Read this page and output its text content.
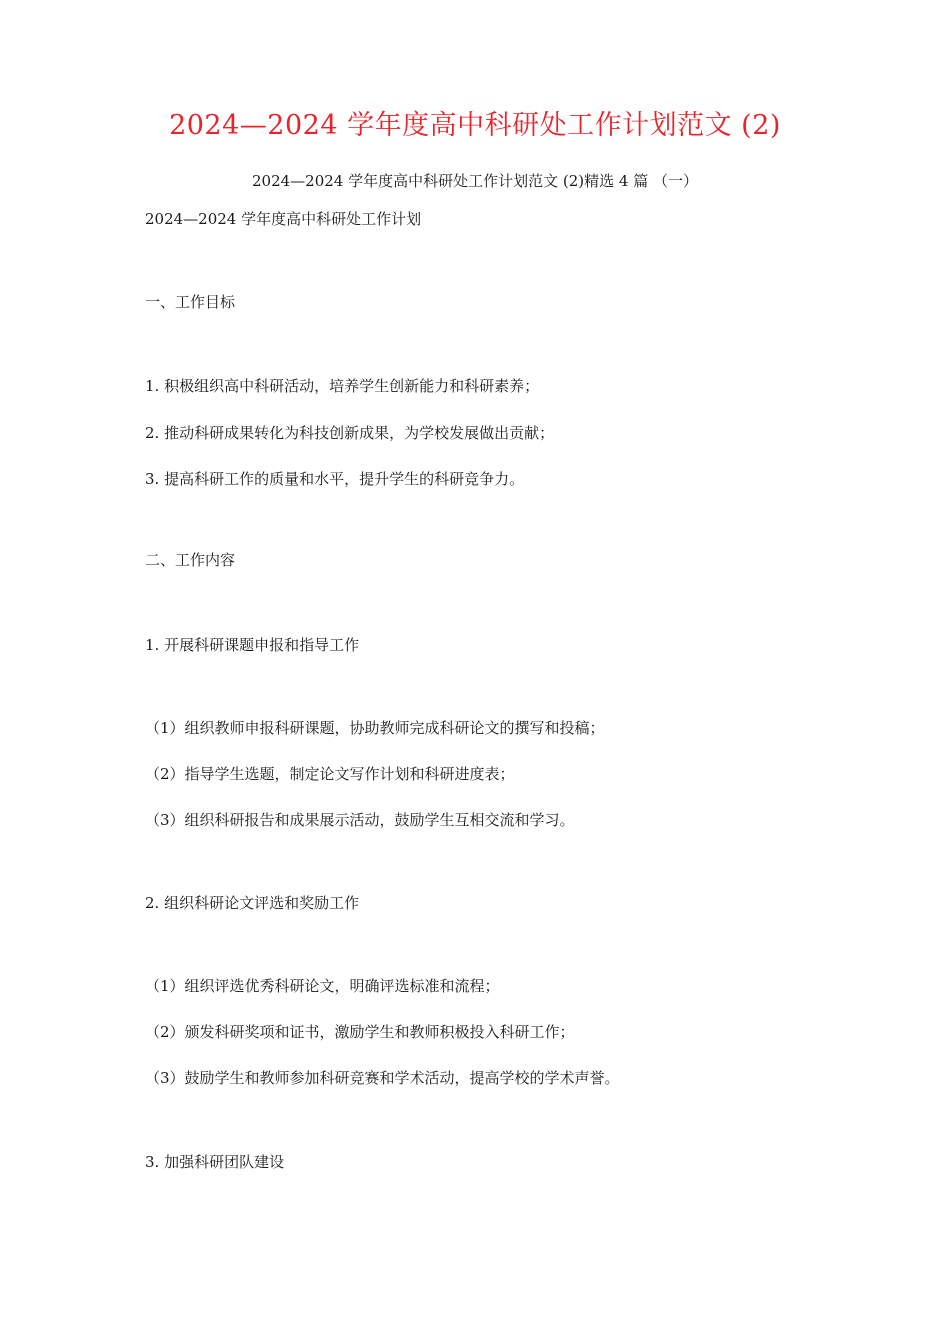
2024—2024 学年度高中科研处工作计划范文 (2)
2024—2024 学年度高中科研处工作计划范文 (2)精选 4 篇 （一）
2024—2024 学年度高中科研处工作计划
一、工作目标
1. 积极组织高中科研活动，培养学生创新能力和科研素养；
2. 推动科研成果转化为科技创新成果，为学校发展做出贡献；
3. 提高科研工作的质量和水平，提升学生的科研竞争力。
二、工作内容
1. 开展科研课题申报和指导工作
（1）组织教师申报科研课题，协助教师完成科研论文的撰写和投稿；
（2）指导学生选题，制定论文写作计划和科研进度表；
（3）组织科研报告和成果展示活动，鼓励学生互相交流和学习。
2. 组织科研论文评选和奖励工作
（1）组织评选优秀科研论文，明确评选标准和流程；
（2）颁发科研奖项和证书，激励学生和教师积极投入科研工作；
（3）鼓励学生和教师参加科研竞赛和学术活动，提高学校的学术声誉。
3. 加强科研团队建设
